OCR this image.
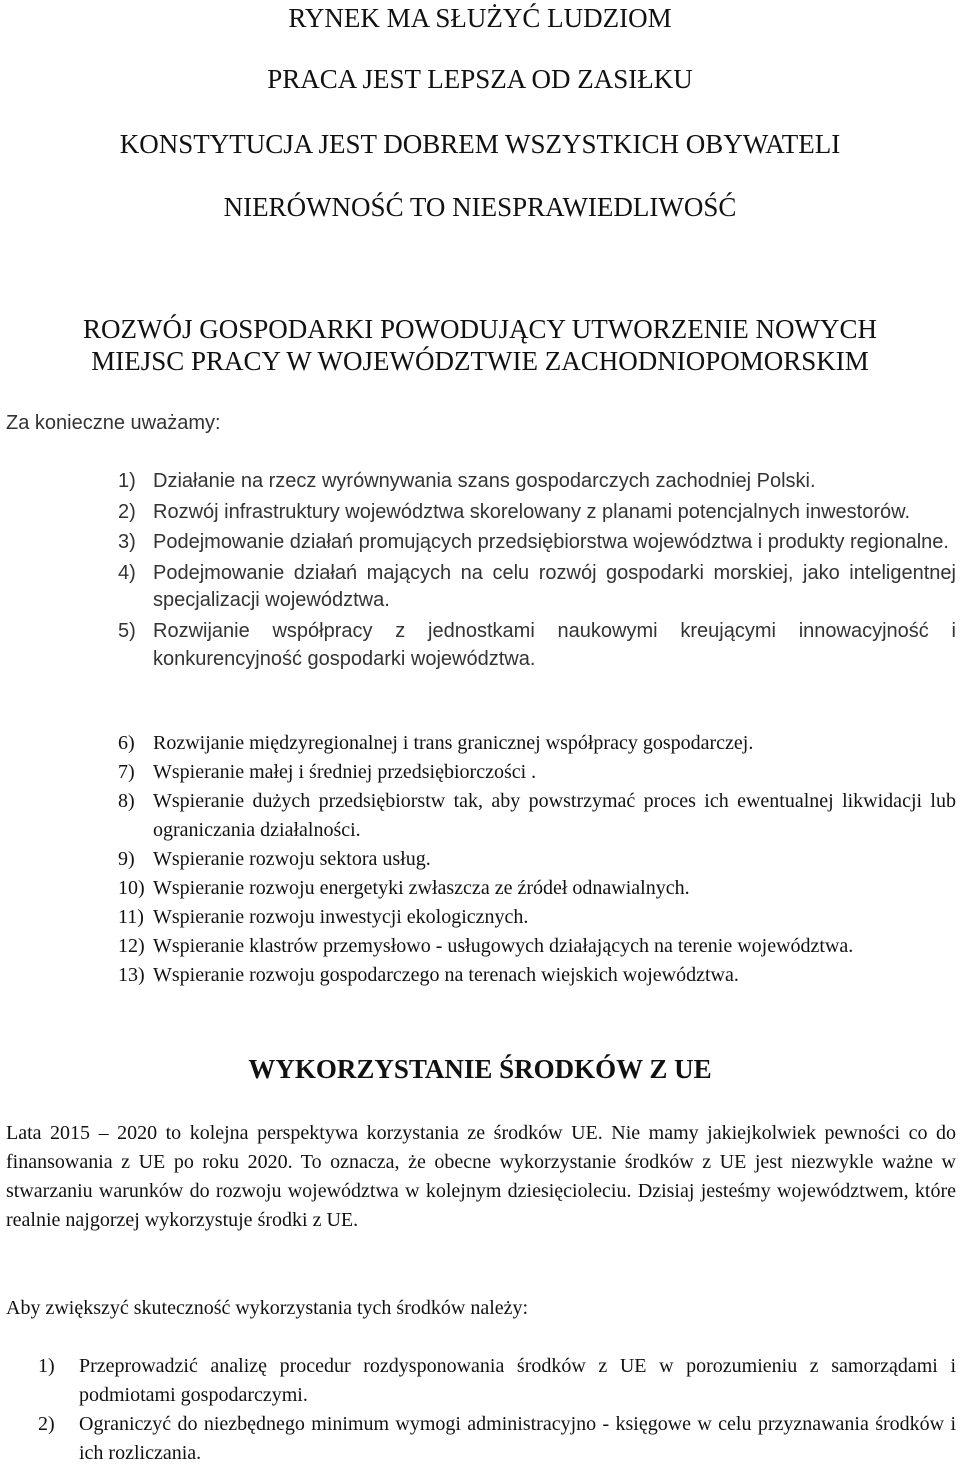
RYNEK MA SŁUŻYĆ LUDZIOM
PRACA JEST LEPSZA OD ZASIŁKU
KONSTYTUCJA JEST DOBREM WSZYSTKICH OBYWATELI
NIERÓWNOŚĆ TO NIESPRAWIEDLIWOŚĆ
ROZWÓJ GOSPODARKI POWODUJĄCY UTWORZENIE NOWYCH
MIEJSC PRACY W WOJEWÓDZTWIE ZACHODNIOPOMORSKIM
Za konieczne uważamy:
1) Działanie na rzecz wyrównywania szans gospodarczych zachodniej Polski.
2) Rozwój infrastruktury województwa skorelowany z planami potencjalnych inwestorów.
3) Podejmowanie działań promujących przedsiębiorstwa województwa i produkty regionalne.
4) Podejmowanie działań mających na celu rozwój gospodarki morskiej, jako inteligentnej specjalizacji województwa.
5) Rozwijanie współpracy z jednostkami naukowymi kreującymi innowacyjność i konkurencyjność gospodarki województwa.
6) Rozwijanie międzyregionalnej i trans granicznej współpracy gospodarczej.
7) Wspieranie małej i średniej przedsiębiorczości .
8) Wspieranie dużych przedsiębiorstw tak, aby powstrzymać proces ich ewentualnej likwidacji lub ograniczania działalności.
9) Wspieranie rozwoju sektora usług.
10) Wspieranie rozwoju energetyki zwłaszcza ze źródeł odnawialnych.
11) Wspieranie rozwoju inwestycji ekologicznych.
12) Wspieranie klastrów przemysłowo - usługowych działających na terenie województwa.
13) Wspieranie rozwoju gospodarczego na terenach wiejskich województwa.
WYKORZYSTANIE ŚRODKÓW Z UE
Lata 2015 – 2020 to kolejna perspektywa korzystania ze środków UE. Nie mamy jakiejkolwiek pewności co do finansowania z UE po roku 2020. To oznacza, że obecne wykorzystanie środków z UE jest niezwykle ważne w stwarzaniu warunków do rozwoju województwa w kolejnym dziesięcioleciu. Dzisiaj jesteśmy województwem, które realnie najgorzej wykorzystuje środki z UE.
Aby zwiększyć skuteczność wykorzystania tych środków należy:
1)	Przeprowadzić analizę procedur rozdysponowania środków z UE w porozumieniu z samorządami i podmiotami gospodarczymi.
2)	Ograniczyć do niezbędnego minimum wymogi administracyjno - księgowe w celu przyznawania środków i ich rozliczania.
